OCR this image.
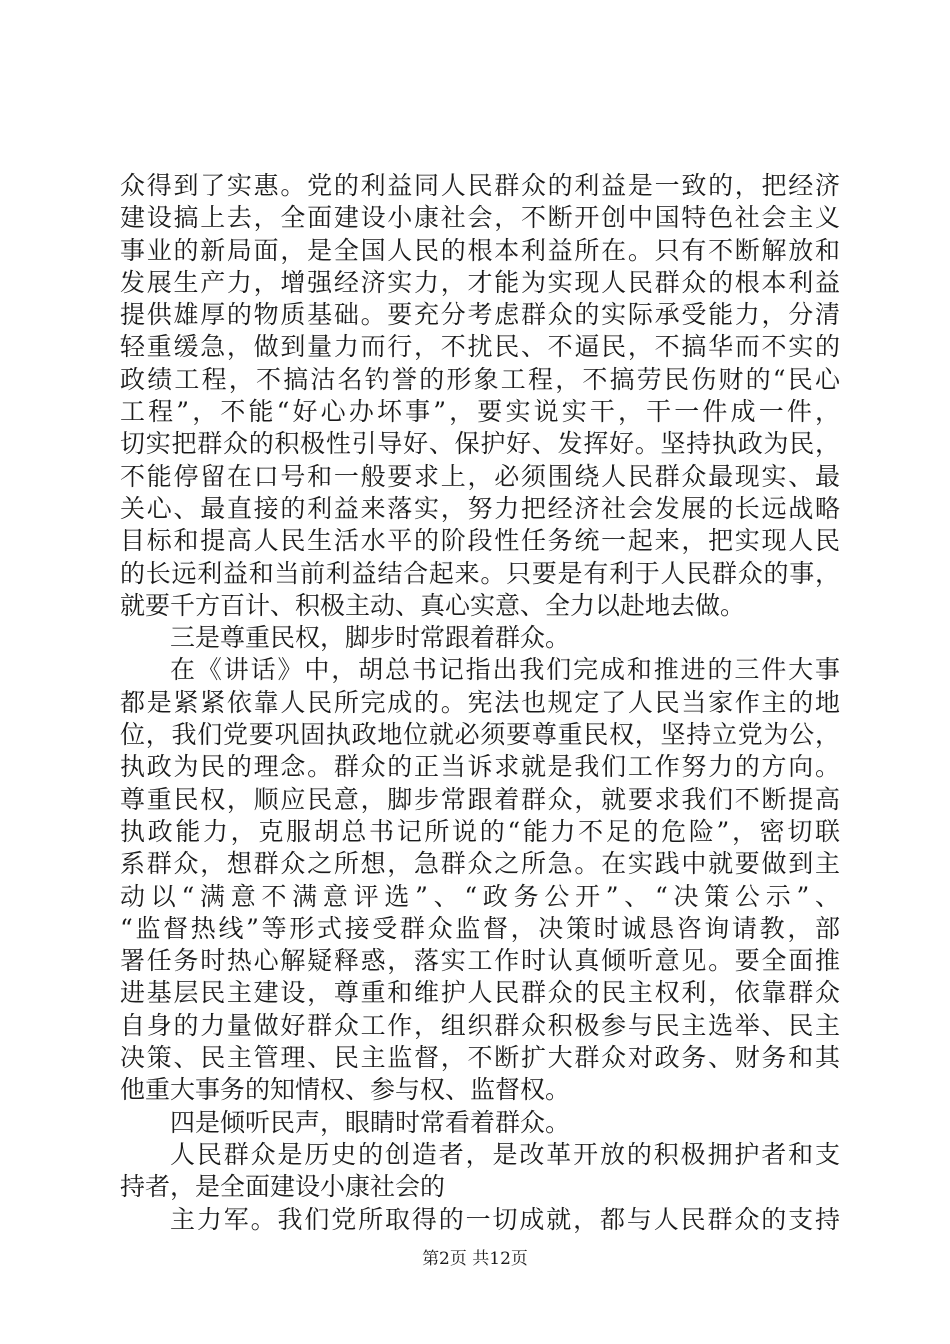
众得到了实惠。党的利益同人民群众的利益是一致的，把经济
建设搞上去，全面建设小康社会，不断开创中国特色社会主义
事业的新局面，是全国人民的根本利益所在。只有不断解放和
发展生产力，增强经济实力，才能为实现人民群众的根本利益
提供雄厚的物质基础。要充分考虑群众的实际承受能力，分清
轻重缓急，做到量力而行，不扰民、不逼民，不搞华而不实的
政绩工程，不搞沽名钓誉的形象工程，不搞劳民伤财的“民心
工程”，不能“好心办坏事”，要实说实干，干一件成一件，
切实把群众的积极性引导好、保护好、发挥好。坚持执政为民，
不能停留在口号和一般要求上，必须围绕人民群众最现实、最
关心、最直接的利益来落实，努力把经济社会发展的长远战略
目标和提高人民生活水平的阶段性任务统一起来，把实现人民
的长远利益和当前利益结合起来。只要是有利于人民群众的事，
就要千方百计、积极主动、真心实意、全力以赴地去做。
三是尊重民权，脚步时常跟着群众。
在《讲话》中，胡总书记指出我们完成和推进的三件大事
都是紧紧依靠人民所完成的。宪法也规定了人民当家作主的地
位，我们党要巩固执政地位就必须要尊重民权，坚持立党为公，
执政为民的理念。群众的正当诉求就是我们工作努力的方向。
尊重民权，顺应民意，脚步常跟着群众，就要求我们不断提高
执政能力，克服胡总书记所说的“能力不足的危险”，密切联
系群众，想群众之所想，急群众之所急。在实践中就要做到主
动以“满意不满意评选”、“政务公开”、“决策公示”、
“监督热线”等形式接受群众监督，决策时诚恳咨询请教，部
署任务时热心解疑释惑，落实工作时认真倾听意见。要全面推
进基层民主建设，尊重和维护人民群众的民主权利，依靠群众
自身的力量做好群众工作，组织群众积极参与民主选举、民主
决策、民主管理、民主监督，不断扩大群众对政务、财务和其
他重大事务的知情权、参与权、监督权。
四是倾听民声，眼睛时常看着群众。
人民群众是历史的创造者，是改革开放的积极拥护者和支
持者，是全面建设小康社会的
主力军。我们党所取得的一切成就，都与人民群众的支持
第2页 共12页
